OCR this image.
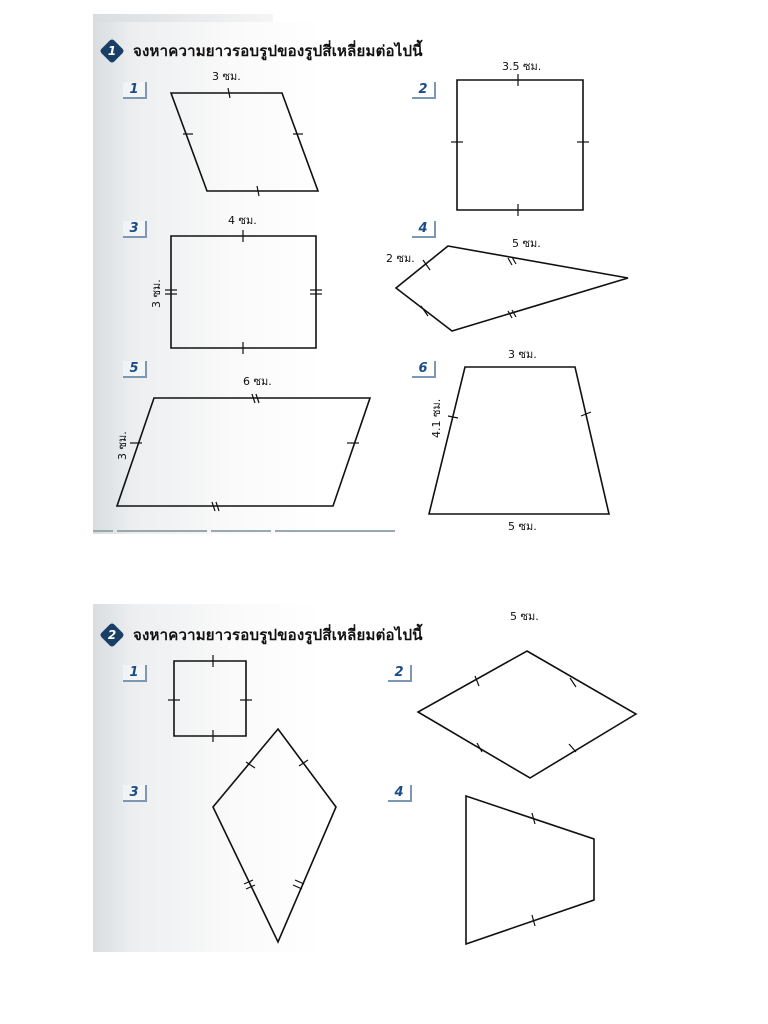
1	จงหาความยาวรอบรูปของรูปสี่เหลี่ยมต่อไปนี้
2	จงหาความยาวรอบรูปของรูปสี่เหลี่ยมต่อไปนี้
1	2
3	4
5	6
1	2
3	4
3 ซม.
3.5 ซม.
4 ซม.
3 ซม.
2 ซม.
5 ซม.
6 ซม.
3 ซม.
3 ซม.
4.1 ซม.
5 ซม.
5 ซม.
